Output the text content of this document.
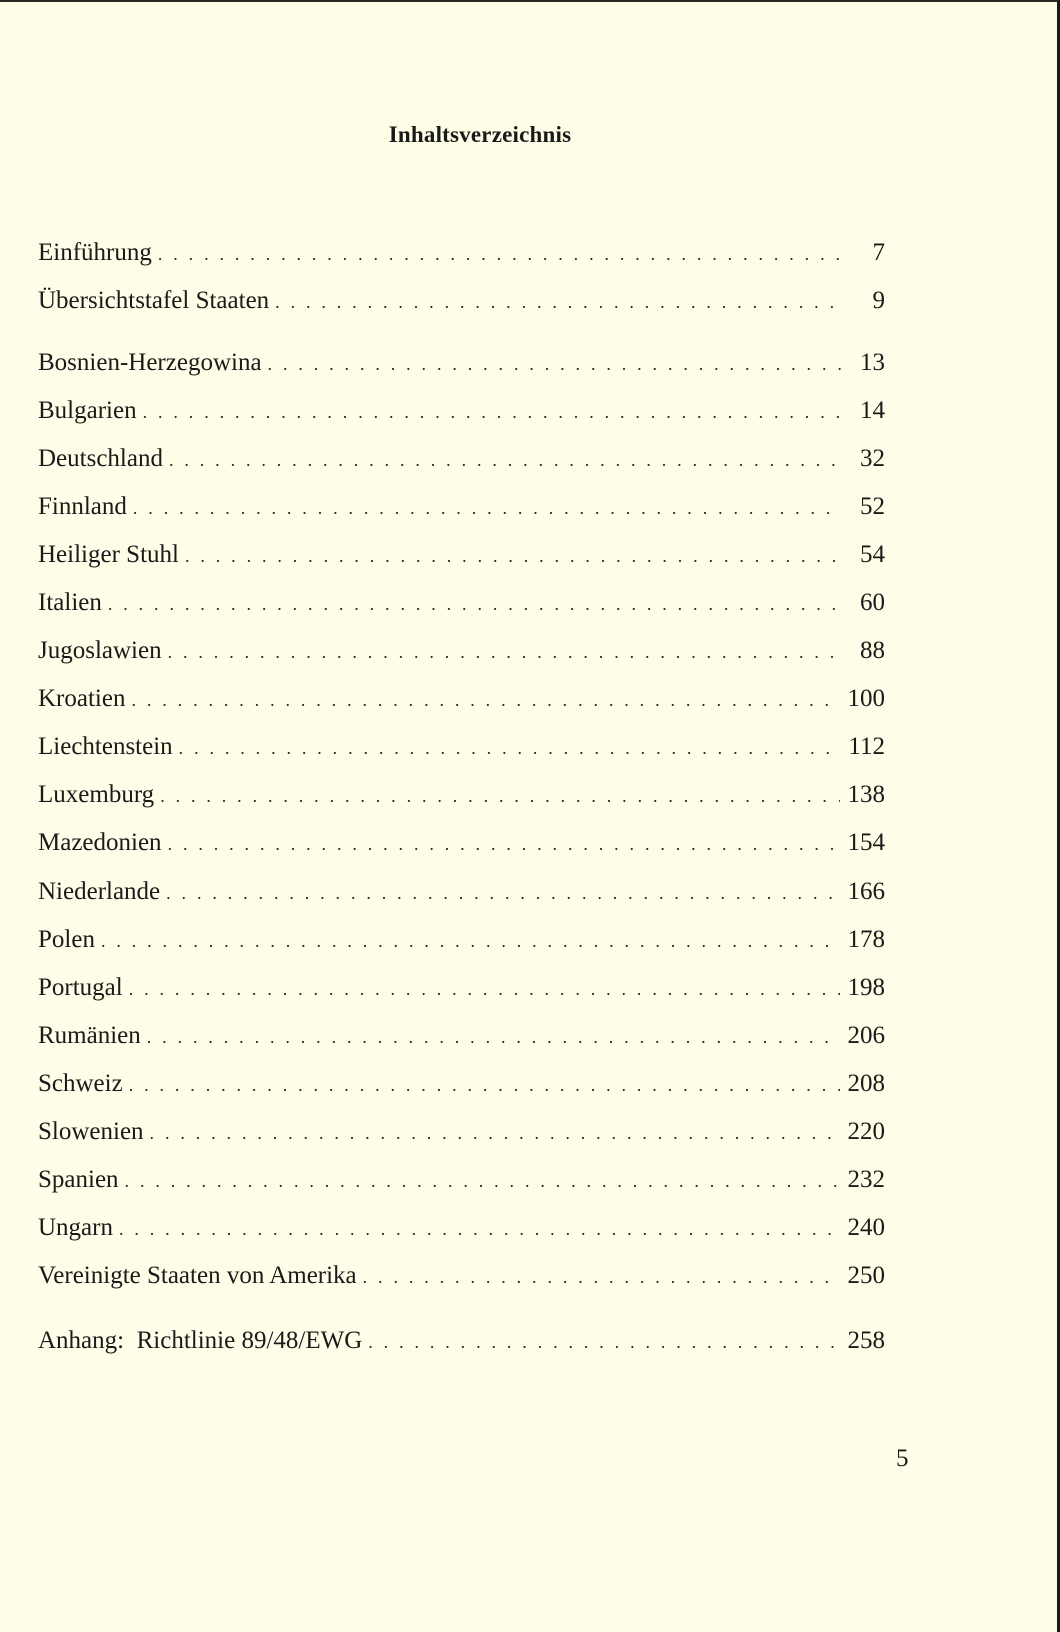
Inhaltsverzeichnis
Einführung . . .	7
Übersichtstafel Staaten . . .	9
Bosnien-Herzegowina . . .	13
Bulgarien . . .	14
Deutschland . . .	32
Finnland . . .	52
Heiliger Stuhl . . .	54
Italien . . .	60
Jugoslawien . . .	88
Kroatien . . .	100
Liechtenstein . . .	112
Luxemburg . . .	138
Mazedonien . . .	154
Niederlande . . .	166
Polen . . .	178
Portugal . . .	198
Rumänien . . .	206
Schweiz . . .	208
Slowenien . . .	220
Spanien . . .	232
Ungarn . . .	240
Vereinigte Staaten von Amerika . . .	250
Anhang:  Richtlinie 89/48/EWG . . .	258
5
